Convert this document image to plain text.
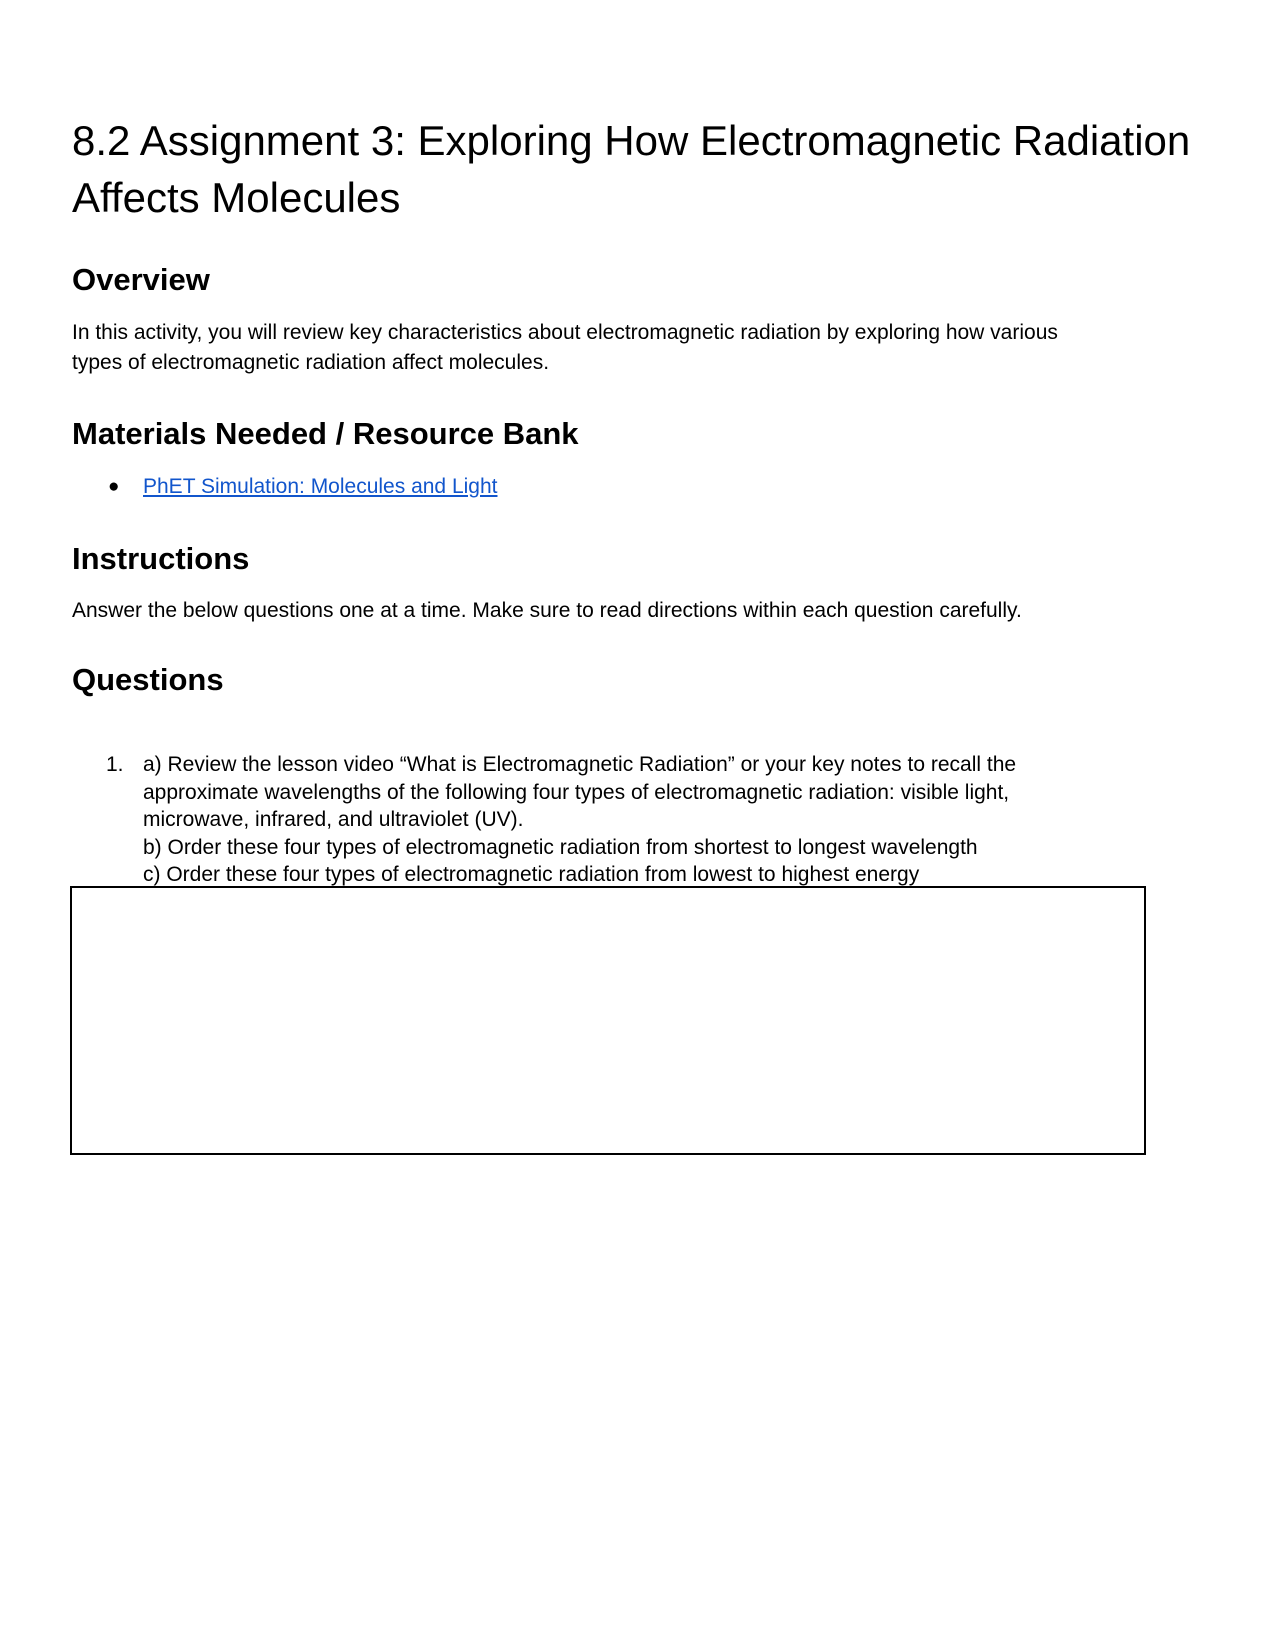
8.2 Assignment 3: Exploring How Electromagnetic Radiation
Affects Molecules
Overview

In this activity, you will review key characteristics about electromagnetic radiation by exploring how various
types of electromagnetic radiation affect molecules.

Materials Needed / Resource Bank
● PhET Simulation: Molecules and Light
Instructions

Answer the below questions one at a time. Make sure to read directions within each question carefully.

Questions
1. a) Review the lesson video “What is Electromagnetic Radiation” or your key notes to recall the
approximate wavelengths of the following four types of electromagnetic radiation: visible light,
microwave, infrared, and ultraviolet (UV).
b) Order these four types of electromagnetic radiation from shortest to longest wavelength
c) Order these four types of electromagnetic radiation from lowest to highest energy
